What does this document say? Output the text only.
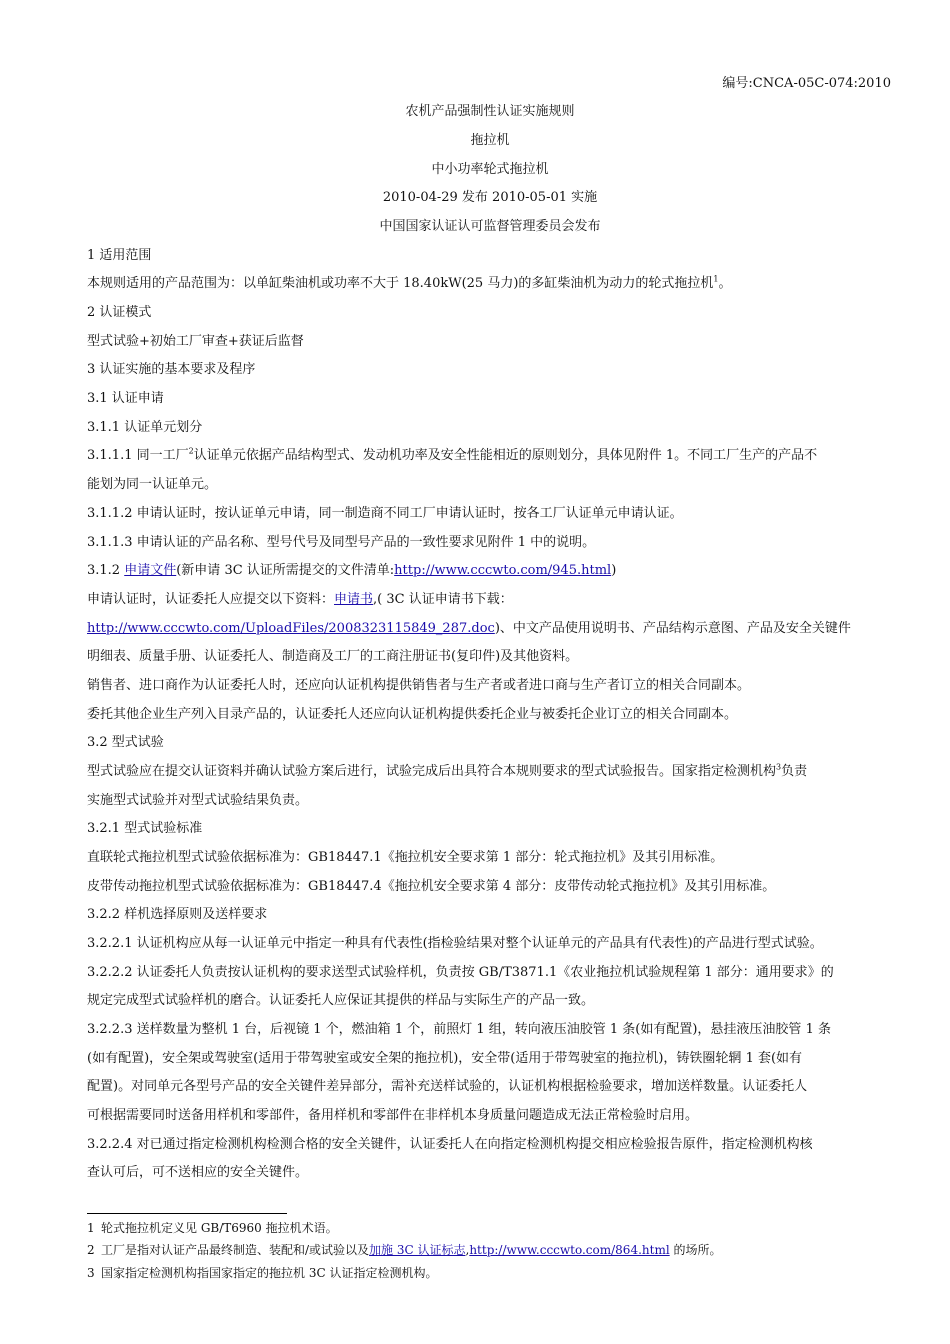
编号:CNCA-05C-074:2010
农机产品强制性认证实施规则
拖拉机
中小功率轮式拖拉机
2010-04-29 发布 2010-05-01 实施
中国国家认证认可监督管理委员会发布
1 适用范围
本规则适用的产品范围为：以单缸柴油机或功率不大于 18.40kW(25 马力)的多缸柴油机为动力的轮式拖拉机$^1$。
2 认证模式
型式试验+初始工厂审查+获证后监督
3 认证实施的基本要求及程序
3.1 认证申请
3.1.1 认证单元划分
3.1.1.1 同一工厂$^2$认证单元依据产品结构型式、发动机功率及安全性能相近的原则划分，具体见附件 1。不同工厂生产的产品不
能划为同一认证单元。
3.1.1.2 申请认证时，按认证单元申请，同一制造商不同工厂申请认证时，按各工厂认证单元申请认证。
3.1.1.3 申请认证的产品名称、型号代号及同型号产品的一致性要求见附件 1 中的说明。
3.1.2 申请文件(新申请 3C 认证所需提交的文件清单:http://www.cccwto.com/945.html)
申请认证时，认证委托人应提交以下资料：申请书,( 3C 认证申请书下载：
http://www.cccwto.com/UploadFiles/2008323115849_287.doc)、中文产品使用说明书、产品结构示意图、产品及安全关键件
明细表、质量手册、认证委托人、制造商及工厂的工商注册证书(复印件)及其他资料。
销售者、进口商作为认证委托人时，还应向认证机构提供销售者与生产者或者进口商与生产者订立的相关合同副本。
委托其他企业生产列入目录产品的，认证委托人还应向认证机构提供委托企业与被委托企业订立的相关合同副本。
3.2 型式试验
型式试验应在提交认证资料并确认试验方案后进行，试验完成后出具符合本规则要求的型式试验报告。国家指定检测机构$^3$负责
实施型式试验并对型式试验结果负责。
3.2.1 型式试验标准
直联轮式拖拉机型式试验依据标准为：GB18447.1《拖拉机安全要求第 1 部分：轮式拖拉机》及其引用标准。
皮带传动拖拉机型式试验依据标准为：GB18447.4《拖拉机安全要求第 4 部分：皮带传动轮式拖拉机》及其引用标准。
3.2.2 样机选择原则及送样要求
3.2.2.1 认证机构应从每一认证单元中指定一种具有代表性(指检验结果对整个认证单元的产品具有代表性)的产品进行型式试验。
3.2.2.2 认证委托人负责按认证机构的要求送型式试验样机，负责按 GB/T3871.1《农业拖拉机试验规程第 1 部分：通用要求》的
规定完成型式试验样机的磨合。认证委托人应保证其提供的样品与实际生产的产品一致。
3.2.2.3 送样数量为整机 1 台，后视镜 1 个，燃油箱 1 个，前照灯 1 组，转向液压油胶管 1 条(如有配置)，悬挂液压油胶管 1 条
(如有配置)，安全架或驾驶室(适用于带驾驶室或安全架的拖拉机)，安全带(适用于带驾驶室的拖拉机)，铸铁圈轮辋 1 套(如有
配置)。对同单元各型号产品的安全关键件差异部分，需补充送样试验的，认证机构根据检验要求，增加送样数量。认证委托人
可根据需要同时送备用样机和零部件，备用样机和零部件在非样机本身质量问题造成无法正常检验时启用。
3.2.2.4 对已通过指定检测机构检测合格的安全关键件，认证委托人在向指定检测机构提交相应检验报告原件，指定检测机构核
查认可后，可不送相应的安全关键件。
1 轮式拖拉机定义见 GB/T6960 拖拉机术语。
2 工厂是指对认证产品最终制造、装配和/或试验以及加施 3C 认证标志,http://www.cccwto.com/864.html 的场所。
3 国家指定检测机构指国家指定的拖拉机 3C 认证指定检测机构。
